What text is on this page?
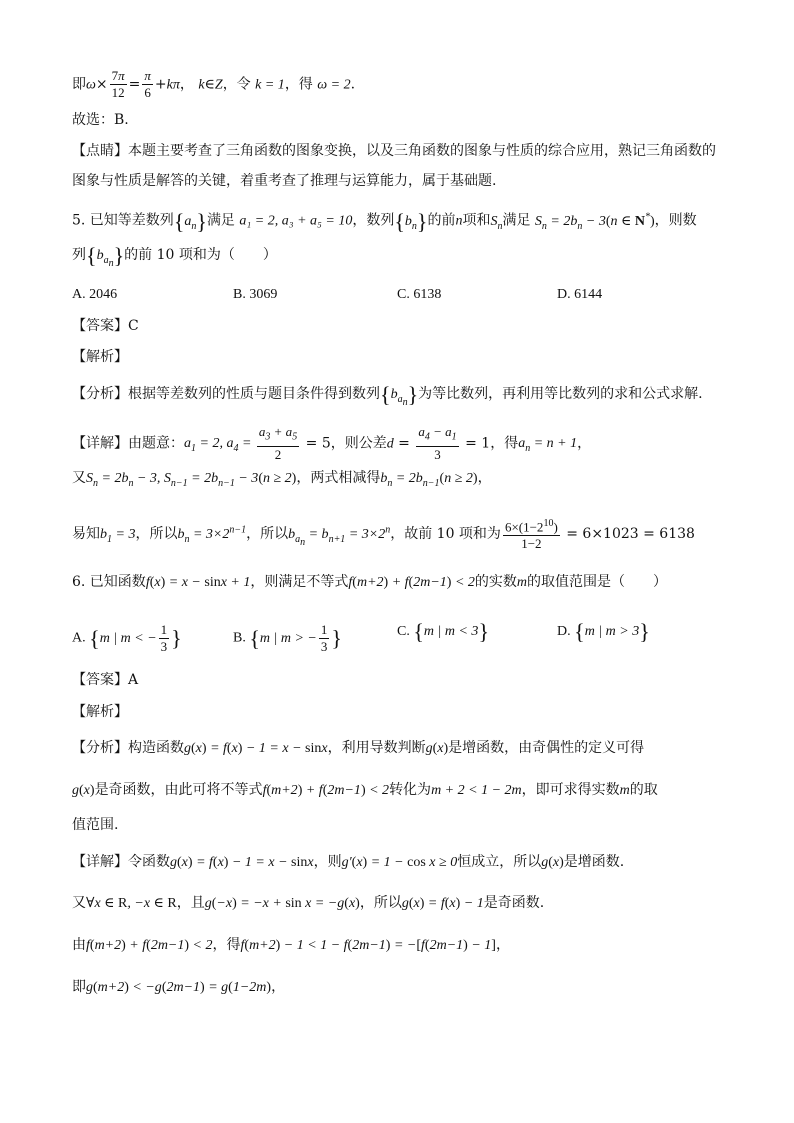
即$\omega\times \frac{7\pi}{12} = \frac{\pi}{6} +k\pi$， k∈Z，令 k = 1，得 ω = 2.
故选：B.
【点睛】本题主要考查了三角函数的图象变换，以及三角函数的图象与性质的综合应用，熟记三角函数的
图象与性质是解答的关键，着重考查了推理与运算能力，属于基础题.
5. 已知等差数列$\{a_n\}$满足 a₁ = 2, a₃ + a₅ = 10，数列$\{b_n\}$的前n项和$S_n$满足 $S_n = 2b_n - 3(n$ ∈ N*)，则数
列$\{b_{a_n}\}$的前 10 项和为（　　）
A. 2046	B. 3069	C. 6138	D. 6144
【答案】C
【解析】
【分析】根据等差数列的性质与题目条件得到数列$\{b_{a_n}\}$为等比数列，再利用等比数列的求和公式求解.
【详解】由题意：$a_1 = 2$, $a_4 = \frac{a_3 + a_5}{2} = 5$，则公差$d = \frac{a_4 - a_1}{3} = 1$，得$a_n = n + 1$，
又$S_n = 2b_n - 3$, $S_{n-1} = 2b_{n-1} - 3(n \ge 2)$，两式相减得$b_n = 2b_{n-1}(n \ge 2)$，
易知$b_1 = 3$，所以$b_n = 3\times 2^{n-1}$，所以$b_{a_n} = b_{n+1} = 3\times 2^n$，故前 10 项和为 $\frac{6\times(1-2^{10})}{1-2} = 6\times 1023 = 6138$
6. 已知函数f(x) = x − sinx + 1，则满足不等式f(m+2) + f(2m−1) < 2的实数m的取值范围是（　　）
A. {m | m < − $\frac{1}{3}$ }	B. {m | m > − $\frac{1}{3}$ }	C. {m | m < 3}	D. {m | m > 3}
【答案】A
【解析】
【分析】构造函数g(x) = f(x) − 1 = x − sinx，利用导数判断g(x)是增函数，由奇偶性的定义可得
g(x)是奇函数，由此可将不等式f(m+2) + f(2m−1) < 2转化为m + 2 < 1 − 2m，即可求得实数m的取
值范围.
【详解】令函数g(x) = f(x) − 1 = x − sinx，则g′(x) = 1 − cos x ≥ 0恒成立，所以g(x)是增函数.
又∀x ∈ R, −x ∈ R，且g(−x) = −x + sin x = −g(x)，所以g(x) = f(x) − 1是奇函数.
由f(m+2) + f(2m−1) < 2，得f(m+2) − 1 < 1 − f(2m−1) = −[f(2m−1) − 1]，
即g(m+2) < −g(2m−1) = g(1−2m)，
